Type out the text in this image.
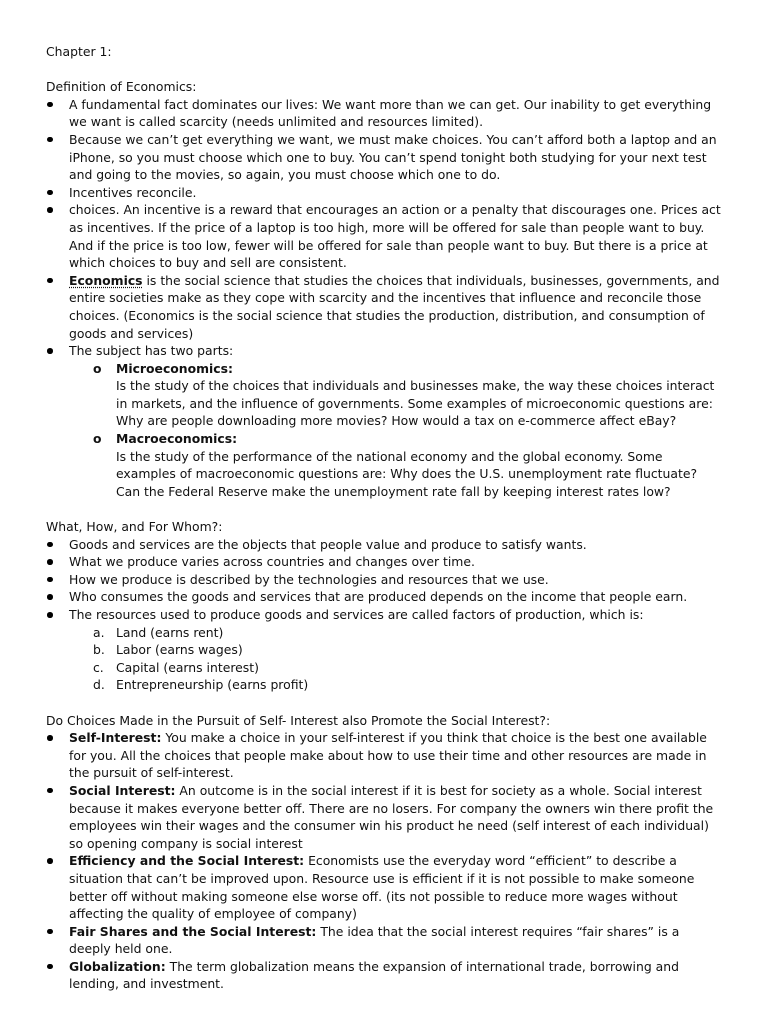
Chapter 1:

Definition of Economics:

A fundamental fact dominates our lives: We want more than we can get. Our inability to get everything we want is called scarcity (needs unlimited and resources limited).
Because we can’t get everything we want, we must make choices. You can’t afford both a laptop and an iPhone, so you must choose which one to buy. You can’t spend tonight both studying for your next test and going to the movies, so again, you must choose which one to do.
Incentives reconcile.
choices. An incentive is a reward that encourages an action or a penalty that discourages one. Prices act as incentives. If the price of a laptop is too high, more will be offered for sale than people want to buy. And if the price is too low, fewer will be offered for sale than people want to buy. But there is a price at which choices to buy and sell are consistent.
Economics is the social science that studies the choices that individuals, businesses, governments, and entire societies make as they cope with scarcity and the incentives that influence and reconcile those choices. (Economics is the social science that studies the production, distribution, and consumption of goods and services)
The subject has two parts:
o Microeconomics:
Is the study of the choices that individuals and businesses make, the way these choices interact in markets, and the influence of governments. Some examples of microeconomic questions are: Why are people downloading more movies? How would a tax on e-commerce affect eBay?
o Macroeconomics:
Is the study of the performance of the national economy and the global economy. Some examples of macroeconomic questions are: Why does the U.S. unemployment rate fluctuate? Can the Federal Reserve make the unemployment rate fall by keeping interest rates low?

What, How, and For Whom?:

Goods and services are the objects that people value and produce to satisfy wants.
What we produce varies across countries and changes over time.
How we produce is described by the technologies and resources that we use.
Who consumes the goods and services that are produced depends on the income that people earn.
The resources used to produce goods and services are called factors of production, which is:
a. Land (earns rent)
b. Labor (earns wages)
c. Capital (earns interest)
d. Entrepreneurship (earns profit)

Do Choices Made in the Pursuit of Self- Interest also Promote the Social Interest?:

Self-Interest: You make a choice in your self-interest if you think that choice is the best one available for you. All the choices that people make about how to use their time and other resources are made in the pursuit of self-interest.
Social Interest: An outcome is in the social interest if it is best for society as a whole. Social interest because it makes everyone better off. There are no losers. For company the owners win there profit the employees win their wages and the consumer win his product he need (self interest of each individual) so opening company is social interest
Efficiency and the Social Interest: Economists use the everyday word “efficient” to describe a situation that can’t be improved upon. Resource use is efficient if it is not possible to make someone better off without making someone else worse off. (its not possible to reduce more wages without affecting the quality of employee of company)
Fair Shares and the Social Interest: The idea that the social interest requires “fair shares” is a deeply held one.
Globalization: The term globalization means the expansion of international trade, borrowing and lending, and investment.
